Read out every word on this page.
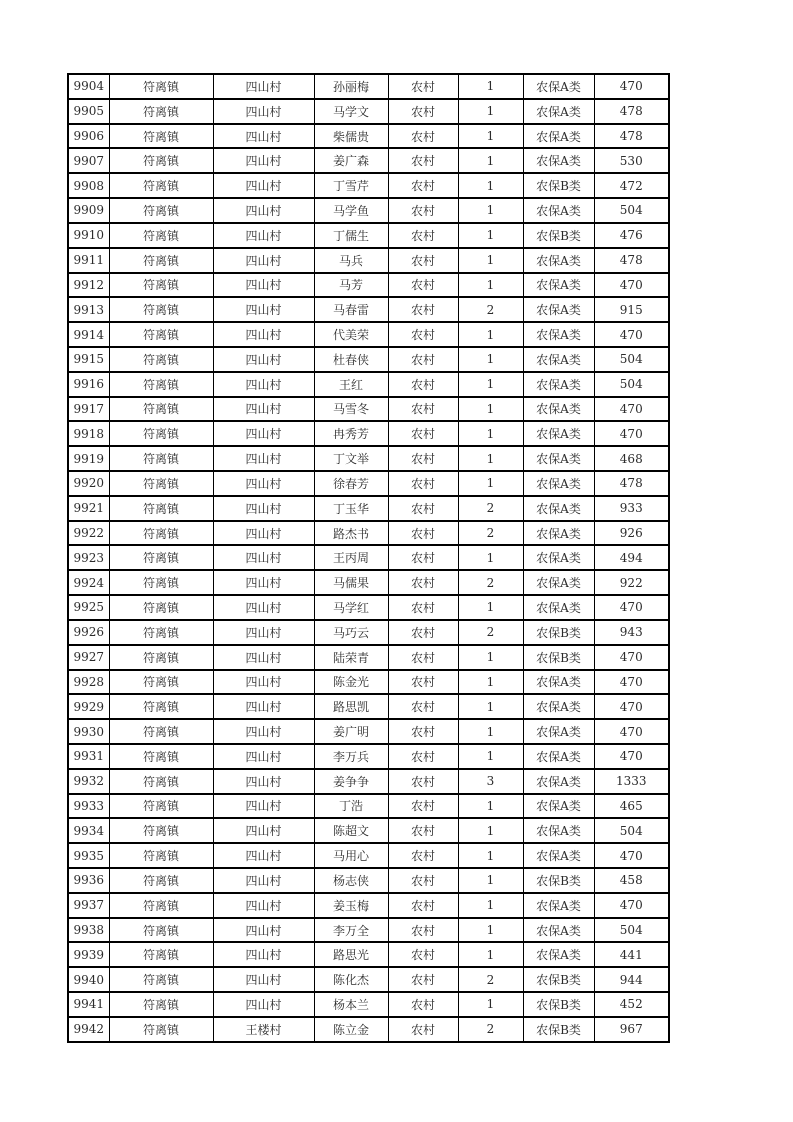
9904	符离镇	四山村	孙丽梅	农村	1	农保A类	470
9905	符离镇	四山村	马学文	农村	1	农保A类	478
9906	符离镇	四山村	柴儒贵	农村	1	农保A类	478
9907	符离镇	四山村	姜广森	农村	1	农保A类	530
9908	符离镇	四山村	丁雪芹	农村	1	农保B类	472
9909	符离镇	四山村	马学鱼	农村	1	农保A类	504
9910	符离镇	四山村	丁儒生	农村	1	农保B类	476
9911	符离镇	四山村	马兵	农村	1	农保A类	478
9912	符离镇	四山村	马芳	农村	1	农保A类	470
9913	符离镇	四山村	马春雷	农村	2	农保A类	915
9914	符离镇	四山村	代美荣	农村	1	农保A类	470
9915	符离镇	四山村	杜春侠	农村	1	农保A类	504
9916	符离镇	四山村	王红	农村	1	农保A类	504
9917	符离镇	四山村	马雪冬	农村	1	农保A类	470
9918	符离镇	四山村	冉秀芳	农村	1	农保A类	470
9919	符离镇	四山村	丁文举	农村	1	农保A类	468
9920	符离镇	四山村	徐春芳	农村	1	农保A类	478
9921	符离镇	四山村	丁玉华	农村	2	农保A类	933
9922	符离镇	四山村	路杰书	农村	2	农保A类	926
9923	符离镇	四山村	王丙周	农村	1	农保A类	494
9924	符离镇	四山村	马儒果	农村	2	农保A类	922
9925	符离镇	四山村	马学红	农村	1	农保A类	470
9926	符离镇	四山村	马巧云	农村	2	农保B类	943
9927	符离镇	四山村	陆荣青	农村	1	农保B类	470
9928	符离镇	四山村	陈金光	农村	1	农保A类	470
9929	符离镇	四山村	路思凯	农村	1	农保A类	470
9930	符离镇	四山村	姜广明	农村	1	农保A类	470
9931	符离镇	四山村	李万兵	农村	1	农保A类	470
9932	符离镇	四山村	姜争争	农村	3	农保A类	1333
9933	符离镇	四山村	丁浩	农村	1	农保A类	465
9934	符离镇	四山村	陈超文	农村	1	农保A类	504
9935	符离镇	四山村	马用心	农村	1	农保A类	470
9936	符离镇	四山村	杨志侠	农村	1	农保B类	458
9937	符离镇	四山村	姜玉梅	农村	1	农保A类	470
9938	符离镇	四山村	李万全	农村	1	农保A类	504
9939	符离镇	四山村	路思光	农村	1	农保A类	441
9940	符离镇	四山村	陈化杰	农村	2	农保B类	944
9941	符离镇	四山村	杨本兰	农村	1	农保B类	452
9942	符离镇	王楼村	陈立金	农村	2	农保B类	967
